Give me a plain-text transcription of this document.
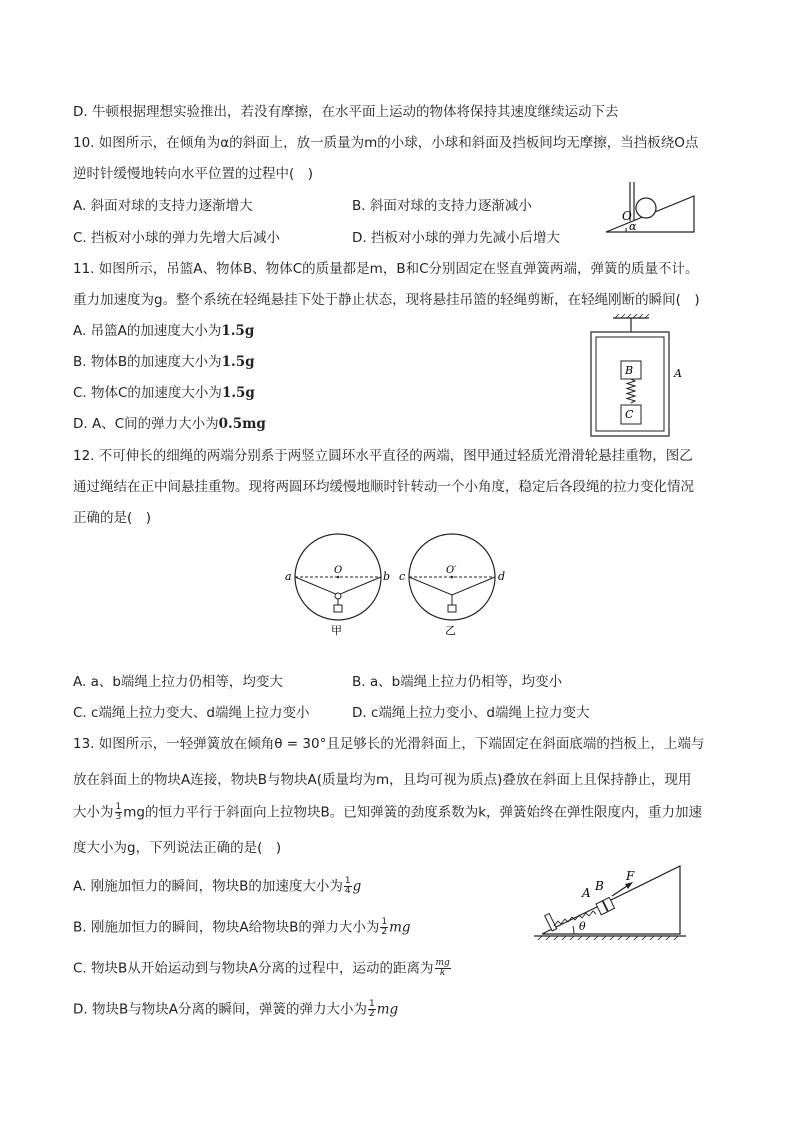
D. 牛顿根据理想实验推出，若没有摩擦，在水平面上运动的物体将保持其速度继续运动下去
10. 如图所示，在倾角为α的斜面上，放一质量为m的小球，小球和斜面及挡板间均无摩擦，当挡板绕O点
逆时针缓慢地转向水平位置的过程中(　)
A. 斜面对球的支持力逐渐增大	B. 斜面对球的支持力逐渐减小
C. 挡板对小球的弹力先增大后减小	D. 挡板对小球的弹力先减小后增大
O
α
11. 如图所示，吊篮A、物体B、物体C的质量都是m，B和C分别固定在竖直弹簧两端，弹簧的质量不计。
重力加速度为g。整个系统在轻绳悬挂下处于静止状态，现将悬挂吊篮的轻绳剪断，在轻绳刚断的瞬间(　)
A. 吊篮A的加速度大小为1.5g
B. 物体B的加速度大小为1.5g
C. 物体C的加速度大小为1.5g
D. A、C间的弹力大小为0.5mg
B
C
A
12. 不可伸长的细绳的两端分别系于两竖立圆环水平直径的两端，图甲通过轻质光滑滑轮悬挂重物，图乙
通过绳结在正中间悬挂重物。现将两圆环均缓慢地顺时针转动一个小角度，稳定后各段绳的拉力变化情况
正确的是(　)
a	b
O
甲
c	d
O′
乙
A. a、b端绳上拉力仍相等，均变大	B. a、b端绳上拉力仍相等，均变小
C. c端绳上拉力变大、d端绳上拉力变小	D. c端绳上拉力变小、d端绳上拉力变大
13. 如图所示，一轻弹簧放在倾角θ = 30°且足够长的光滑斜面上，下端固定在斜面底端的挡板上，上端与
放在斜面上的物块A连接，物块B与物块A(质量均为m，且均可视为质点)叠放在斜面上且保持静止，现用
大小为 $\frac{1}{3}$ mg的恒力平行于斜面向上拉物块B。已知弹簧的劲度系数为k，弹簧始终在弹性限度内，重力加速
度大小为g，下列说法正确的是(　)
A. 刚施加恒力的瞬间，物块B的加速度大小为 $\frac{1}{4}$ g
B. 刚施加恒力的瞬间，物块A给物块B的弹力大小为 $\frac{1}{2}$ mg
C. 物块B从开始运动到与物块A分离的过程中，运动的距离为 $\frac{mg}{k}$
D. 物块B与物块A分离的瞬间，弹簧的弹力大小为 $\frac{1}{2}$ mg
A B
F
θ
